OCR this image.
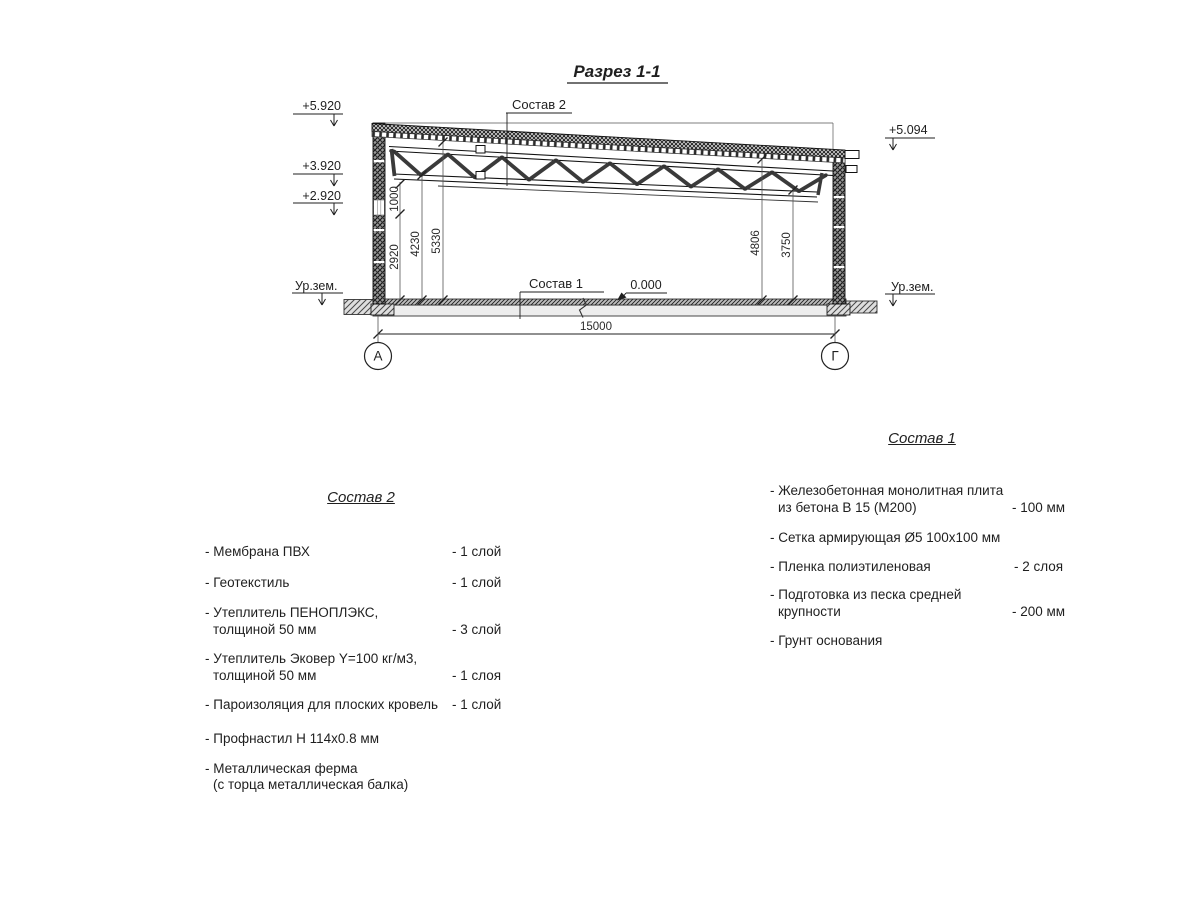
Разрез 1-1
1000
2920
4230 5330	4806 3750
15000
А	Г
+5.920
+3.920
+2.920
Ур.зем.
+5.094
Ур.зем.
0.000
Состав 2
Состав 1
Состав 2
- Мембрана ПВХ	- 1 слой
- Геотекстиль	- 1 слой
- Утеплитель ПЕНОПЛЭКС,
толщиной 50 мм	- 3 слой
- Утеплитель Эковер Y=100 кг/м3,
толщиной 50 мм	- 1 слоя
- Пароизоляция для плоских кровель - 1 слой
- Профнастил Н 114х0.8 мм
- Металлическая ферма
(с торца металлическая балка)
Состав 1
- Железобетонная монолитная плита
из бетона В 15 (М200)	- 100 мм
- Сетка армирующая Ø5 100х100 мм
- Пленка полиэтиленовая	- 2 слоя
- Подготовка из песка средней
крупности	- 200 мм
- Грунт основания
